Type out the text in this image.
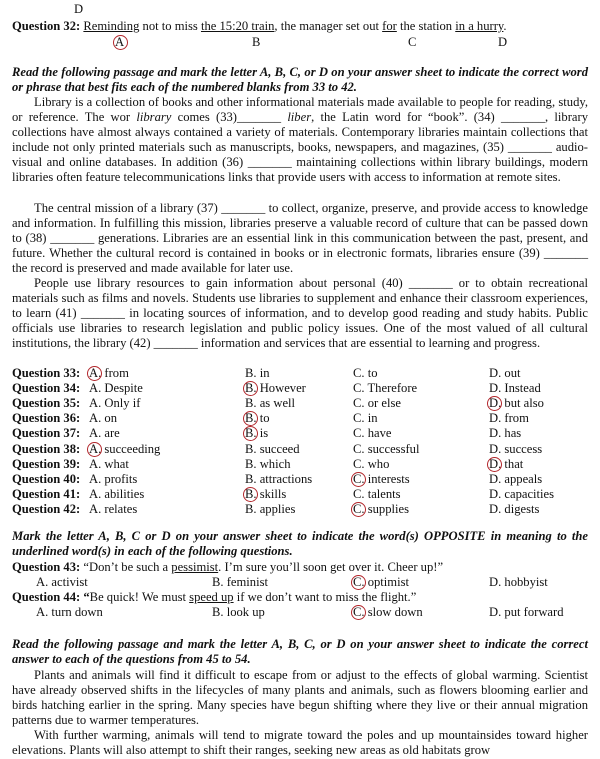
D
Question 32: Reminding not to miss the 15:20 train, the manager set out for the station in a hurry.
A	B	C	D
Read the following passage and mark the letter A, B, C, or D on your answer sheet to indicate the correct word or phrase that best fits each of the numbered blanks from 33 to 42.
Library is a collection of books and other informational materials made available to people for reading, study, or reference. The wor library comes (33)_______ liber, the Latin word for “book”. (34) _______, library collections have almost always contained a variety of materials. Contemporary libraries maintain collections that include not only printed materials such as manuscripts, books, newspapers, and magazines, (35) _______ audio-visual and online databases. In addition (36) _______ maintaining collections within library buildings, modern libraries often feature telecommunications links that provide users with access to information at remote sites.
The central mission of a library (37) _______ to collect, organize, preserve, and provide access to knowledge and information. In fulfilling this mission, libraries preserve a valuable record of culture that can be passed down to (38) _______ generations. Libraries are an essential link in this communication between the past, present, and future. Whether the cultural record is contained in books or in electronic formats, libraries ensure (39) _______ the record is preserved and made available for later use.
People use library resources to gain information about personal (40) _______ or to obtain recreational materials such as films and novels. Students use libraries to supplement and enhance their classroom experiences, to learn (41) _______ in locating sources of information, and to develop good reading and study habits. Public officials use libraries to research legislation and public policy issues. One of the most valued of all cultural institutions, the library (42) _______ information and services that are essential to learning and progress.
Question 33: A. from	B. in	C. to	D. out
Question 34: A. Despite	B. However	C. Therefore	D. Instead
Question 35: A. Only if	B. as well	C. or else	D. but also
Question 36: A. on	B. to	C. in	D. from
Question 37: A. are	B. is	C. have	D. has
Question 38: A. succeeding	B. succeed	C. successful	D. success
Question 39: A. what	B. which	C. who	D. that
Question 40: A. profits	B. attractions	C. interests	D. appeals
Question 41: A. abilities	B. skills	C. talents	D. capacities
Question 42: A. relates	B. applies	C. supplies	D. digests
Mark the letter A, B, C or D on your answer sheet to indicate the word(s) OPPOSITE in meaning to the underlined word(s) in each of the following questions.
Question 43: “Don’t be such a pessimist. I’m sure you’ll soon get over it. Cheer up!”
A. activist	B. feminist	C. optimist	D. hobbyist
Question 44: “Be quick! We must speed up if we don’t want to miss the flight.”
A. turn down	B. look up	C. slow down	D. put forward
Read the following passage and mark the letter A, B, C, or D on your answer sheet to indicate the correct answer to each of the questions from 45 to 54.
Plants and animals will find it difficult to escape from or adjust to the effects of global warming. Scientist have already observed shifts in the lifecycles of many plants and animals, such as flowers blooming earlier and birds hatching earlier in the spring. Many species have begun shifting where they live or their annual migration patterns due to warmer temperatures.
With further warming, animals will tend to migrate toward the poles and up mountainsides toward higher elevations. Plants will also attempt to shift their ranges, seeking new areas as old habitats grow
